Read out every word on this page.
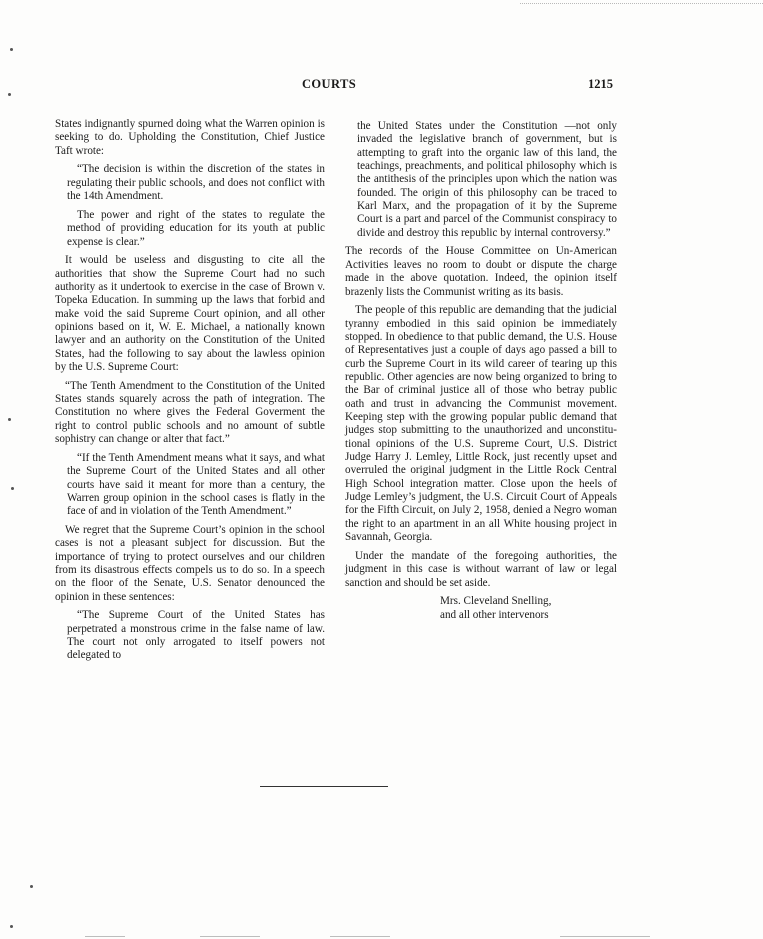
COURTS	1215

States indignantly spurned doing what the Warren opinion is seeking to do. Upholding the Constitution, Chief Justice Taft wrote:

“The decision is within the discretion of the states in regulating their public schools, and does not conflict with the 14th Amendment.

The power and right of the states to regulate the method of providing education for its youth at public expense is clear.”

It would be useless and disgusting to cite all the authorities that show the Supreme Court had no such authority as it undertook to exercise in the case of Brown v. Topeka Education. In summing up the laws that forbid and make void the said Supreme Court opinion, and all other opinions based on it, W. E. Michael, a nationally known lawyer and an authority on the Constitution of the United States, had the following to say about the lawless opinion by the U.S. Supreme Court:

“The Tenth Amendment to the Constitution of the United States stands squarely across the path of integration. The Constitution no where gives the Federal Goverment the right to control public schools and no amount of subtle sophistry can change or alter that fact.”

“If the Tenth Amendment means what it says, and what the Supreme Court of the United States and all other courts have said it meant for more than a century, the Warren group opinion in the school cases is flatly in the face of and in violation of the Tenth Amendment.”

We regret that the Supreme Court’s opinion in the school cases is not a pleasant subject for discussion. But the importance of trying to protect ourselves and our children from its disastrous effects compels us to do so. In a speech on the floor of the Senate, U.S. Senator denounced the opinion in these sentences:

“The Supreme Court of the United States has perpetrated a monstrous crime in the false name of law. The court not only arrogated to itself powers not delegated to

the United States under the Constitution —not only invaded the legislative branch of government, but is attempting to graft into the organic law of this land, the teachings, preachments, and political philosophy which is the antithesis of the principles upon which the nation was founded. The origin of this philosophy can be traced to Karl Marx, and the propagation of it by the Supreme Court is a part and parcel of the Communist conspiracy to divide and destroy this republic by internal controversy.”

The records of the House Committee on Un-American Activities leaves no room to doubt or dispute the charge made in the above quotation. Indeed, the opinion itself brazenly lists the Communist writing as its basis.

The people of this republic are demanding that the judicial tyranny embodied in this said opinion be immediately stopped. In obedience to that public demand, the U.S. House of Representatives just a couple of days ago passed a bill to curb the Supreme Court in its wild career of tearing up this republic. Other agencies are now being organized to bring to the Bar of criminal justice all of those who betray public oath and trust in advancing the Communist movement. Keeping step with the growing popular public demand that judges stop submitting to the unauthorized and unconstitutional opinions of the U.S. Supreme Court, U.S. District Judge Harry J. Lemley, Little Rock, just recently upset and overruled the original judgment in the Little Rock Central High School integration matter. Close upon the heels of Judge Lemley’s judgment, the U.S. Circuit Court of Appeals for the Fifth Circuit, on July 2, 1958, denied a Negro woman the right to an apartment in an all White housing project in Savannah, Georgia.

Under the mandate of the foregoing authorities, the judgment in this case is without warrant of law or legal sanction and should be set aside.

Mrs. Cleveland Snelling,
and all other intervenors
